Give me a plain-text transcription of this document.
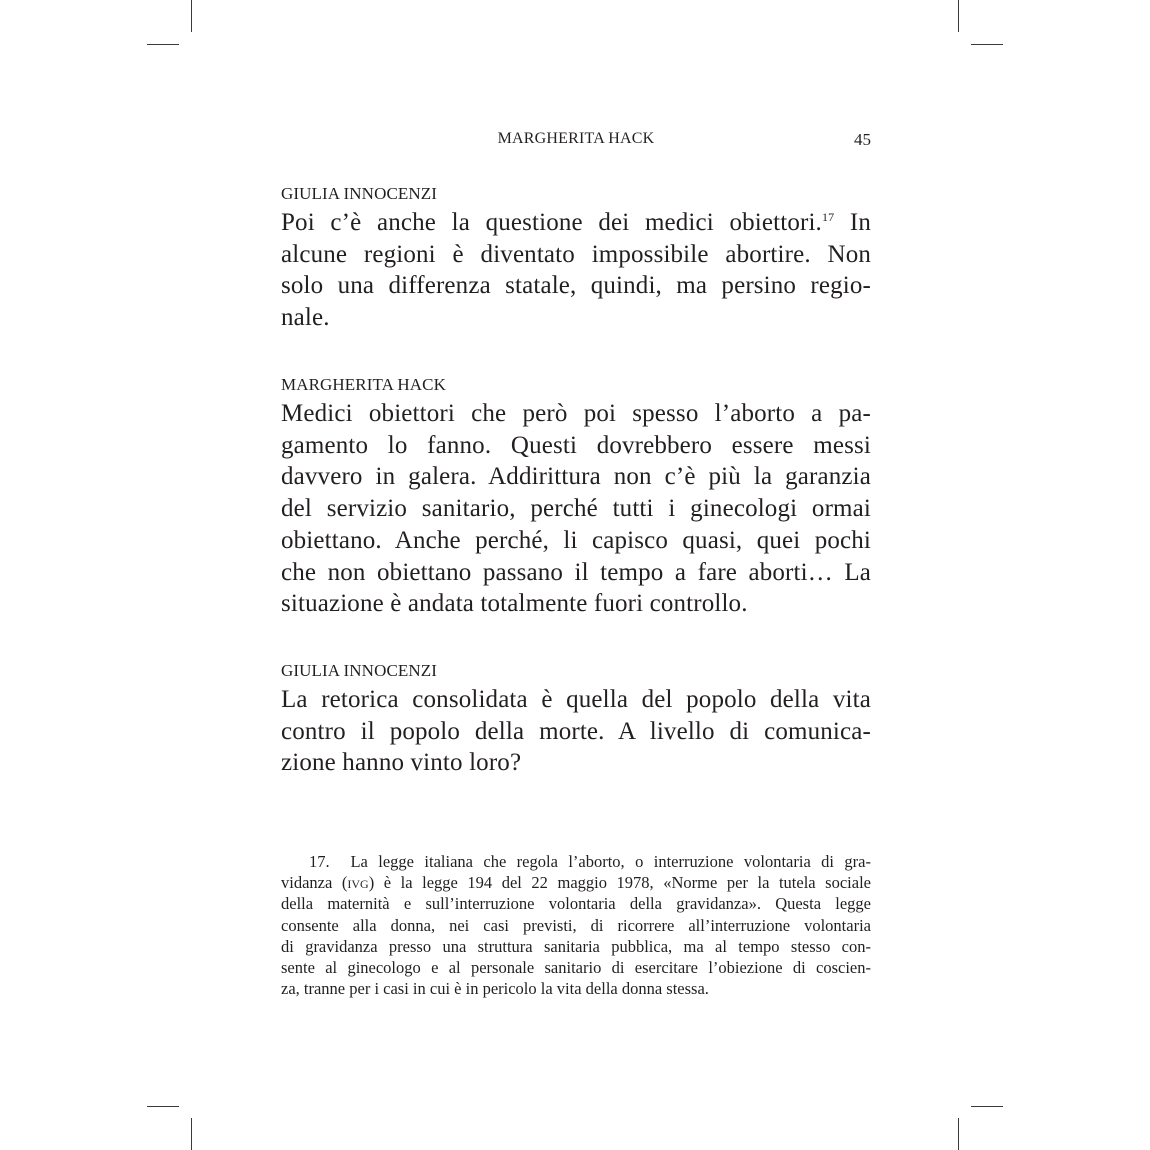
MARGHERITA HACK	45
GIULIA INNOCENZI
Poi c’è anche la questione dei medici obiettori.$^{17}$ In
alcune regioni è diventato impossibile abortire. Non
solo una differenza statale, quindi, ma persino regio-
nale.
MARGHERITA HACK
Medici obiettori che però poi spesso l’aborto a pa-
gamento lo fanno. Questi dovrebbero essere messi
davvero in galera. Addirittura non c’è più la garanzia
del servizio sanitario, perché tutti i ginecologi ormai
obiettano. Anche perché, li capisco quasi, quei pochi
che non obiettano passano il tempo a fare aborti… La
situazione è andata totalmente fuori controllo.
GIULIA INNOCENZI
La retorica consolidata è quella del popolo della vita
contro il popolo della morte. A livello di comunica-
zione hanno vinto loro?
17. La legge italiana che regola l’aborto, o interruzione volontaria di gra-
vidanza (ivg) è la legge 194 del 22 maggio 1978, «Norme per la tutela sociale
della maternità e sull’interruzione volontaria della gravidanza». Questa legge
consente alla donna, nei casi previsti, di ricorrere all’interruzione volontaria
di gravidanza presso una struttura sanitaria pubblica, ma al tempo stesso con-
sente al ginecologo e al personale sanitario di esercitare l’obiezione di coscien-
za, tranne per i casi in cui è in pericolo la vita della donna stessa.
